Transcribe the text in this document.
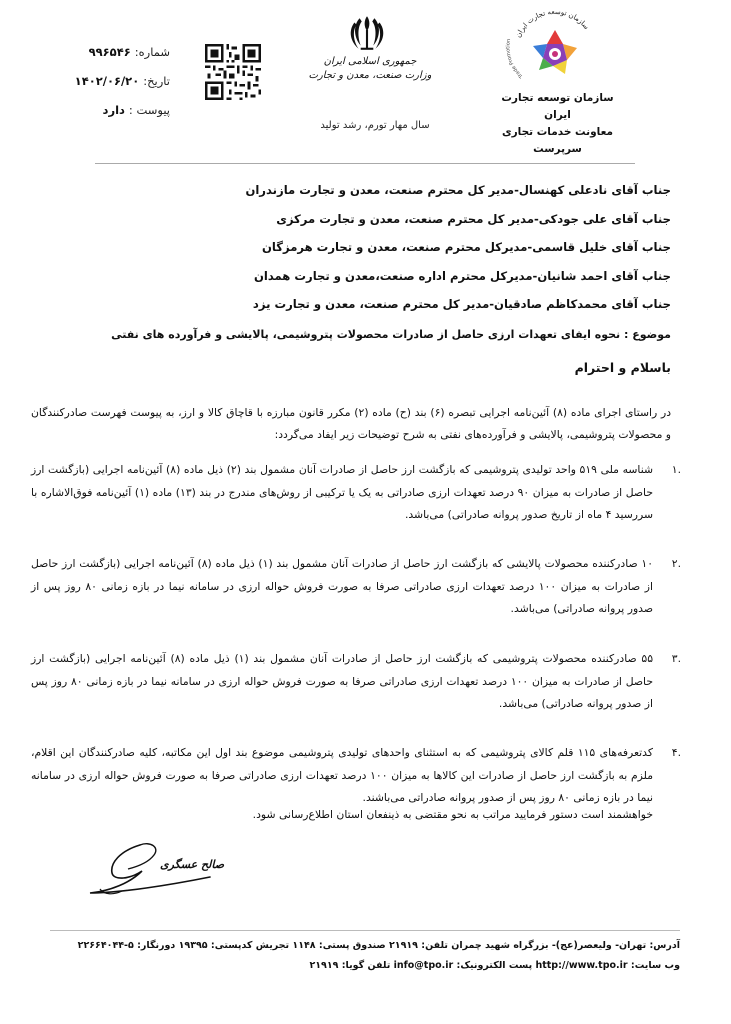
شماره:
۹۹۶۵۴۶
تاریخ:
۱۴۰۲/۰۶/۲۰
پیوست :
دارد
جمهوری اسلامی ایران
وزارت صنعت، معدن و تجارت
سال مهار تورم، رشد تولید
سازمان توسعه تجارت ایران
Trade Promotion
سازمان توسعه تجارت ایران
معاونت خدمات تجاری
سرپرست
جناب آقای نادعلی کهنسال-مدیر کل محترم صنعت، معدن و تجارت مازندران
جناب آقای علی جودکی-مدیر کل محترم صنعت، معدن و تجارت مرکزی
جناب آقای خلیل قاسمی-مدیرکل محترم صنعت، معدن و تجارت هرمزگان
جناب آقای احمد شانیان-مدیرکل محترم اداره صنعت،معدن و تجارت همدان
جناب آقای محمدکاظم صادقیان-مدیر کل محترم صنعت، معدن و تجارت یزد
موضوع : نحوه ایفای تعهدات ارزی حاصل از صادرات محصولات پتروشیمی، پالایشی و فرآورده های نفتی
باسلام و احترام
در راستای اجرای ماده (۸) آئین‌نامه اجرایی تبصره (۶) بند (ح) ماده (۲) مکرر قانون مبارزه با قاچاق کالا و ارز، به پیوست فهرست صادرکنندگان و محصولات پتروشیمی، پالایشی و فرآورده‌های نفتی به شرح توضیحات زیر ایفاد می‌گردد:
.۱
شناسه ملی ۵۱۹ واحد تولیدی پتروشیمی که بازگشت ارز حاصل از صادرات آنان مشمول بند (۲) ذیل ماده (۸) آئین‌نامه اجرایی (بازگشت ارز حاصل از صادرات به میزان ۹۰ درصد تعهدات ارزی صادراتی به یک یا ترکیبی از روش‌های مندرج در بند (۱۳) ماده (۱) آئین‌نامه فوق‌الاشاره با سررسید ۴ ماه از تاریخ صدور پروانه صادراتی) می‌باشد.
.۲
۱۰ صادرکننده محصولات پالایشی که بازگشت ارز حاصل از صادرات آنان مشمول بند (۱) ذیل ماده (۸) آئین‌نامه اجرایی (بازگشت ارز حاصل از صادرات به میزان ۱۰۰ درصد تعهدات ارزی صادراتی صرفا به صورت فروش حواله ارزی در سامانه نیما در بازه زمانی ۸۰ روز پس از صدور پروانه صادراتی) می‌باشد.
.۳
۵۵ صادرکننده محصولات پتروشیمی که بازگشت ارز حاصل از صادرات آنان مشمول بند (۱) ذیل ماده (۸) آئین‌نامه اجرایی (بازگشت ارز حاصل از صادرات به میزان ۱۰۰ درصد تعهدات ارزی صادراتی صرفا به صورت فروش حواله ارزی در سامانه نیما در بازه زمانی ۸۰ روز پس از صدور پروانه صادراتی) می‌باشد.
.۴
کدتعرفه‌های ۱۱۵ قلم کالای پتروشیمی که به استثنای واحدهای تولیدی پتروشیمی موضوع بند اول این مکاتبه، کلیه صادرکنندگان این اقلام، ملزم به بازگشت ارز حاصل از صادرات این کالاها به میزان ۱۰۰ درصد تعهدات ارزی صادراتی صرفا به صورت فروش حواله ارزی در سامانه نیما در بازه زمانی ۸۰ روز پس از صدور پروانه صادراتی می‌باشند.
خواهشمند است دستور فرمایید مراتب به نحو مقتضی به ذینفعان استان اطلاع‌رسانی شود.
صالح عسگری
آدرس: تهران- ولیعصر(عج)- بزرگراه شهید چمران تلفن: ۲۱۹۱۹ صندوق پستی: ۱۱۴۸ تجریش کدپستی: ۱۹۳۹۵ دورنگار: ۵-۲۲۶۶۴۰۴۴
وب سایت: http://www.tpo.ir پست الکترونیک: info@tpo.ir تلفن گویا: ۲۱۹۱۹
